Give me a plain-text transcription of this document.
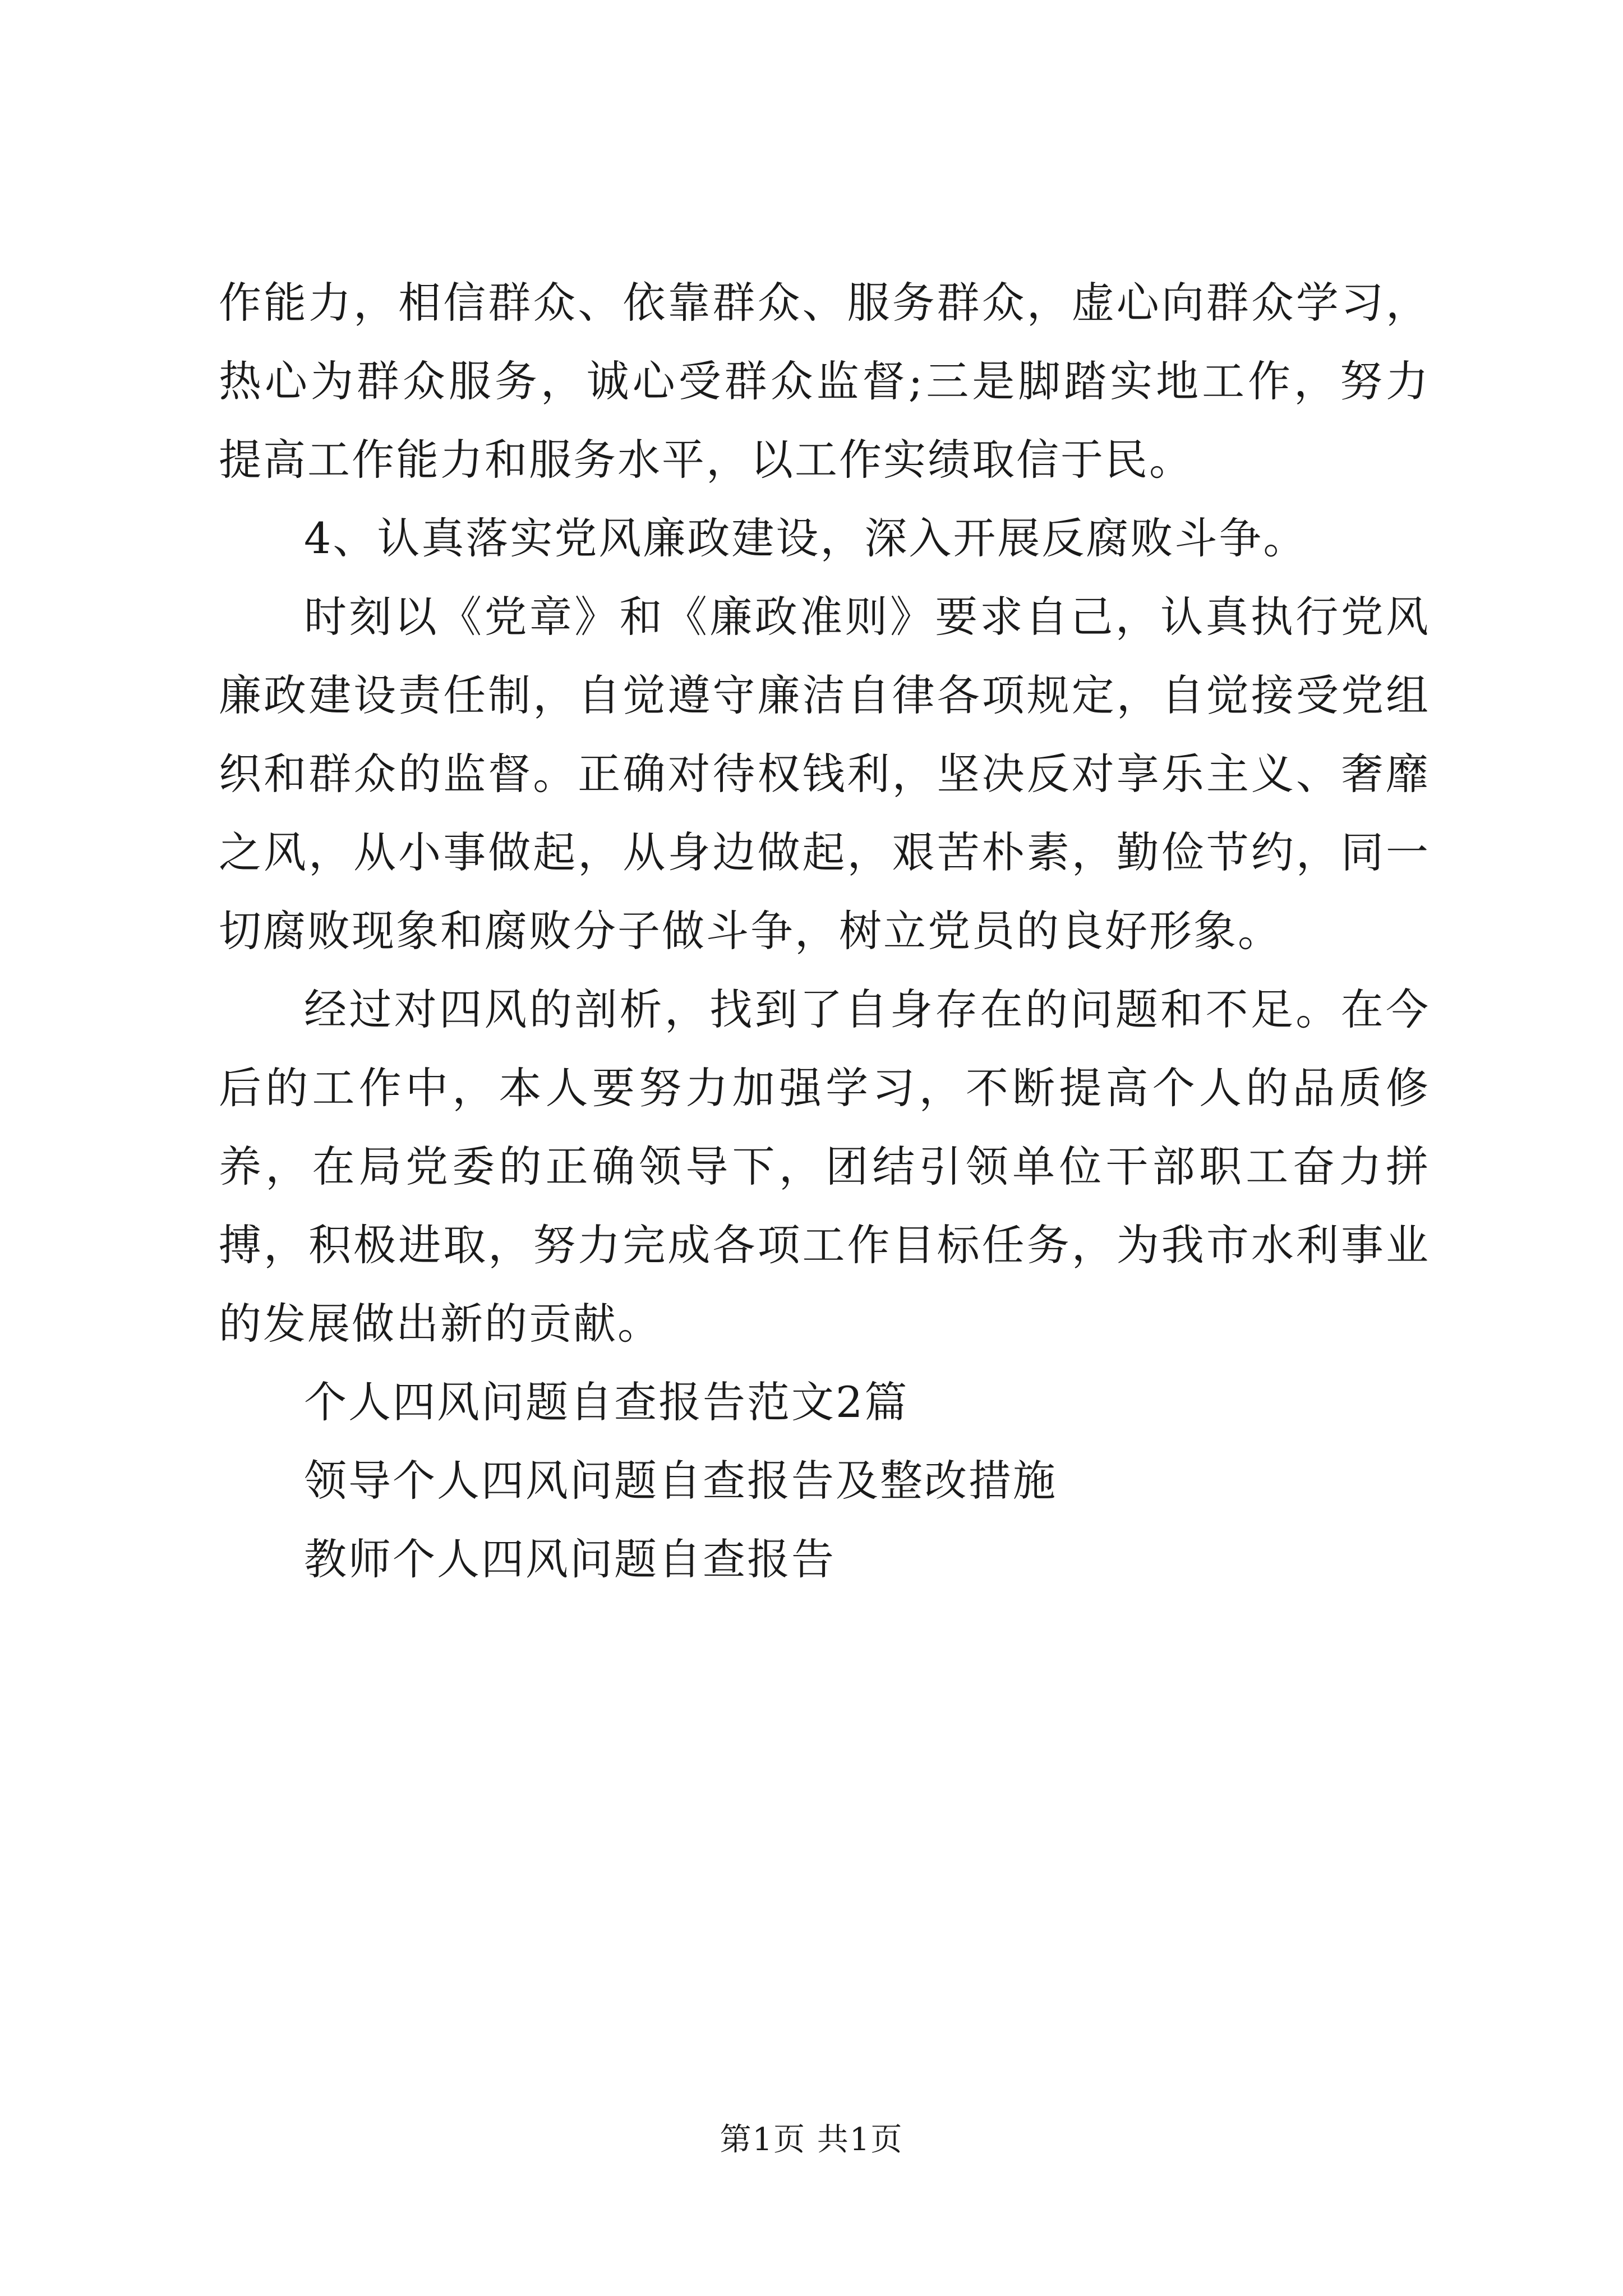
作能力，相信群众、依靠群众、服务群众，虚心向群众学习，热心为群众服务，诚心受群众监督;三是脚踏实地工作，努力提高工作能力和服务水平，以工作实绩取信于民。

4、认真落实党风廉政建设，深入开展反腐败斗争。

时刻以《党章》和《廉政准则》要求自己，认真执行党风廉政建设责任制，自觉遵守廉洁自律各项规定，自觉接受党组织和群众的监督。正确对待权钱利，坚决反对享乐主义、奢靡之风，从小事做起，从身边做起，艰苦朴素，勤俭节约，同一切腐败现象和腐败分子做斗争，树立党员的良好形象。

经过对四风的剖析，找到了自身存在的问题和不足。在今后的工作中，本人要努力加强学习，不断提高个人的品质修养，在局党委的正确领导下，团结引领单位干部职工奋力拼搏，积极进取，努力完成各项工作目标任务，为我市水利事业的发展做出新的贡献。

个人四风问题自查报告范文2篇
领导个人四风问题自查报告及整改措施
教师个人四风问题自查报告
第1页 共1页
